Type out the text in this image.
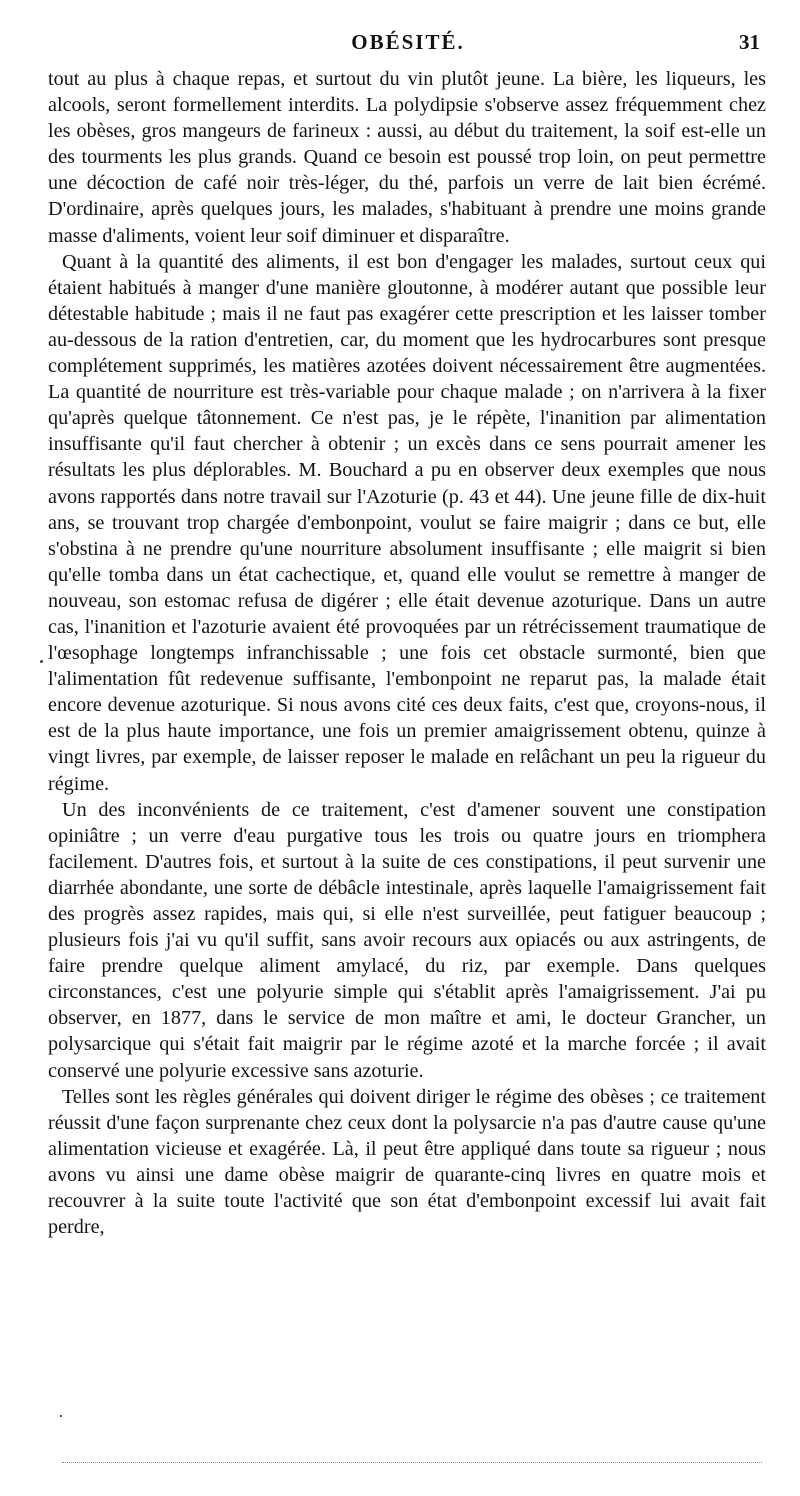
OBÉSITÉ.	31

tout au plus à chaque repas, et surtout du vin plutôt jeune. La bière, les liqueurs, les alcools, seront formellement interdits. La polydipsie s'observe assez fréquemment chez les obèses, gros mangeurs de farineux : aussi, au début du traitement, la soif est-elle un des tourments les plus grands. Quand ce besoin est poussé trop loin, on peut permettre une décoction de café noir très-léger, du thé, parfois un verre de lait bien écrémé. D'ordinaire, après quelques jours, les malades, s'habituant à prendre une moins grande masse d'aliments, voient leur soif diminuer et disparaître.

Quant à la quantité des aliments, il est bon d'engager les malades, surtout ceux qui étaient habitués à manger d'une manière gloutonne, à modérer autant que possible leur détestable habitude ; mais il ne faut pas exagérer cette prescription et les laisser tomber au-dessous de la ration d'entretien, car, du moment que les hydrocarbures sont presque complétement supprimés, les matières azotées doivent nécessairement être augmentées. La quantité de nourriture est très-variable pour chaque malade ; on n'arrivera à la fixer qu'après quelque tâtonnement. Ce n'est pas, je le répète, l'inanition par alimentation insuffisante qu'il faut chercher à obtenir ; un excès dans ce sens pourrait amener les résultats les plus déplorables. M. Bouchard a pu en observer deux exemples que nous avons rapportés dans notre travail sur l'Azoturie (p. 43 et 44). Une jeune fille de dix-huit ans, se trouvant trop chargée d'embonpoint, voulut se faire maigrir ; dans ce but, elle s'obstina à ne prendre qu'une nourriture absolument insuffisante ; elle maigrit si bien qu'elle tomba dans un état cachectique, et, quand elle voulut se remettre à manger de nouveau, son estomac refusa de digérer ; elle était devenue azoturique. Dans un autre cas, l'inanition et l'azoturie avaient été provoquées par un rétrécissement traumatique de l'œsophage longtemps infranchissable ; une fois cet obstacle surmonté, bien que l'alimentation fût redevenue suffisante, l'embonpoint ne reparut pas, la malade était encore devenue azoturique. Si nous avons cité ces deux faits, c'est que, croyons-nous, il est de la plus haute importance, une fois un premier amaigrissement obtenu, quinze à vingt livres, par exemple, de laisser reposer le malade en relâchant un peu la rigueur du régime.

Un des inconvénients de ce traitement, c'est d'amener souvent une constipation opiniâtre ; un verre d'eau purgative tous les trois ou quatre jours en triomphera facilement. D'autres fois, et surtout à la suite de ces constipations, il peut survenir une diarrhée abondante, une sorte de débâcle intestinale, après laquelle l'amaigrissement fait des progrès assez rapides, mais qui, si elle n'est surveillée, peut fatiguer beaucoup ; plusieurs fois j'ai vu qu'il suffit, sans avoir recours aux opiacés ou aux astringents, de faire prendre quelque aliment amylacé, du riz, par exemple. Dans quelques circonstances, c'est une polyurie simple qui s'établit après l'amaigrissement. J'ai pu observer, en 1877, dans le service de mon maître et ami, le docteur Grancher, un polysarcique qui s'était fait maigrir par le régime azoté et la marche forcée ; il avait conservé une polyurie excessive sans azoturie.

Telles sont les règles générales qui doivent diriger le régime des obèses ; ce traitement réussit d'une façon surprenante chez ceux dont la polysarcie n'a pas d'autre cause qu'une alimentation vicieuse et exagérée. Là, il peut être appliqué dans toute sa rigueur ; nous avons vu ainsi une dame obèse maigrir de quarante-cinq livres en quatre mois et recouvrer à la suite toute l'activité que son état d'embonpoint excessif lui avait fait perdre,
